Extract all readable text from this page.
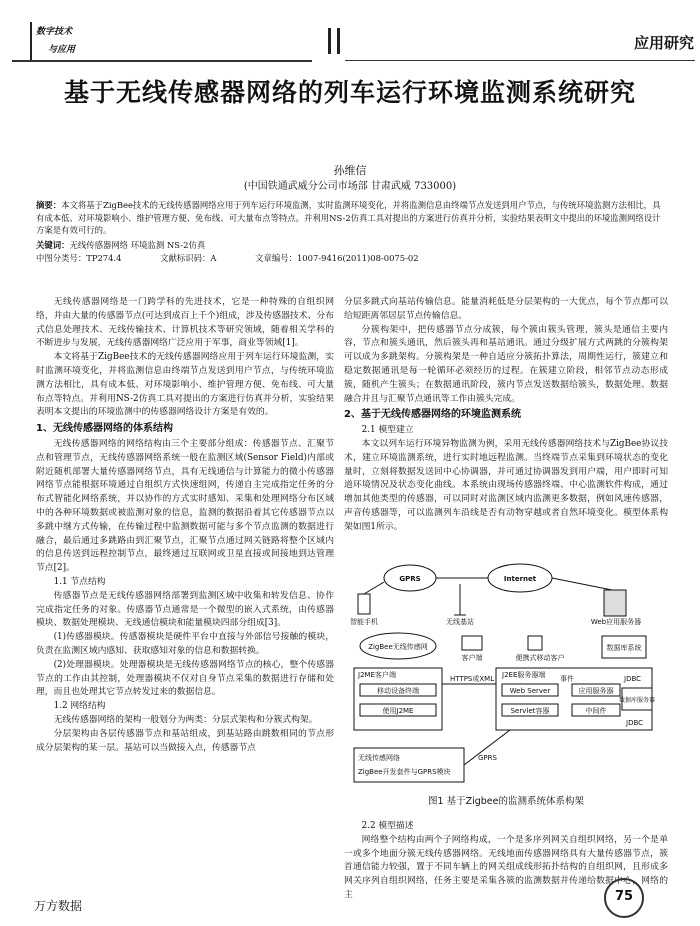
数字技术
与应用	应用研究
基于无线传感器网络的列车运行环境监测系统研究
孙维信
(中国铁通武威分公司市场部 甘肃武威 733000)
摘要：本文将基于ZigBee技术的无线传感器网络应用于列车运行环境监测，实时监测环境变化，并将监测信息由终端节点发送到用户节点，与传统环境监测方法相比，具有成本低、对环境影响小、维护管理方便、免布线、可大量布点等特点。并利用NS-2仿真工具对提出的方案进行仿真并分析，实验结果表明文中提出的环境监测网络设计方案是有效可行的。
关键词：无线传感器网络 环境监测 NS-2仿真
中图分类号：TP274.4	文献标识码：A	文章编号：1007-9416(2011)08-0075-02

无线传感器网络是一门跨学科的先进技术，它是一种特殊的自组织网络，并由大量的传感器节点(可达到成百上千个)组成，涉及传感器技术、分布式信息处理技术、无线传输技术、计算机技术等研究领域，随着相关学科的不断进步与发展，无线传感器网络广泛应用于军事，商业等领域[1]。

本文将基于ZigBee技术的无线传感器网络应用于列车运行环境监测，实时监测环境变化，并将监测信息由终端节点发送到用户节点，与传统环境监测方法相比，具有成本低、对环境影响小、维护管理方便、免布线、可大量布点等特点。并利用NS-2仿真工具对提出的方案进行仿真并分析，实验结果表明本文提出的环境监测中的传感器网络设计方案是有效的。

1、无线传感器网络的体系结构

无线传感器网络的网络结构由三个主要部分组成：传感器节点、汇聚节点和管理节点，无线传感器网络系统一般在监测区域(Sensor Field)内部或附近随机部署大量传感器网络节点，具有无线通信与计算能力的微小传感器网络节点能根据环境通过自组织方式快速组网，传递自主完成指定任务的分布式智能化网络系统，并以协作的方式实时感知、采集和处理网络分布区域中的各种环境数据或被监测对象的信息，监测的数据沿着其它传感器节点以多跳中继方式传输，在传输过程中监测数据可能与多个节点监测的数据进行融合，最后通过多跳路由到汇聚节点，汇聚节点通过网关链路将整个区域内的信息传送到远程控制节点，最终通过互联网或卫星直接或间接地到达管理节点[2]。

1.1 节点结构

传感器节点是无线传感器网络部署到监测区域中收集和转发信息、协作完成指定任务的对象。传感器节点通常是一个微型的嵌入式系统，由传感器模块、数据处理模块、无线通信模块和能量模块四部分组成[3]。

(1)传感器模块。传感器模块是硬件平台中直接与外部信号接触的模块，负责在监测区域内感知、获取感知对象的信息和数据转换。

(2)处理器模块。处理器模块是无线传感器网络节点的核心，整个传感器节点的工作由其控制，处理器模块不仅对自身节点采集的数据进行存储和处理，而且也处理其它节点转发过来的数据信息。

1.2 网络结构

无线传感器网络的架构一般划分为两类：分层式架构和分簇式构架。

分层架构由各层传感器节点和基站组成，到基站路由跳数相同的节点形成分层架构的某一层。基站可以当做接入点，传感器节点

分层多跳式向基站传输信息。能量消耗低是分层架构的一大优点，每个节点都可以给短距离邻居层节点传输信息。

分簇构架中，把传感器节点分成簇，每个簇由簇头管理，簇头是通信主要内容，节点和簇头通讯，然后簇头再和基站通讯。通过分级扩展方式两跳的分簇构架可以成为多跳架构。分簇构架是一种自适应分簇拓扑算法，周期性运行，簇建立和稳定数据通讯是每一轮循环必须经历的过程。在簇建立阶段，相邻节点动态形成簇，随机产生簇头；在数据通讯阶段，簇内节点发送数据给簇头，数据处理、数据融合并且与汇聚节点通讯等工作由簇头完成。

2、基于无线传感器网络的环境监测系统
2.1 模型建立

本文以列车运行环境异物监测为例，采用无线传感器网络技术与ZigBee协议技术，建立环境监测系统，进行实时地远程监测。当终端节点采集到环境状态的变化量时，立刻将数据发送回中心协调器，并可通过协调器发到用户端，用户即时可知道环境情况及状态变化曲线。本系统由现场传感器终端、中心监测软件构成，通过增加其他类型的传感器，可以同时对监测区域内监测更多数据，例如风速传感器，声音传感器等，可以监测列车沿线是否有动物穿越或者自然环境变化。模型体系构架如图1所示。

GPRS	Internet
智能手机	无线基站	Web应用服务器
ZigBee无线传感网
客户端	便携式移动客户
数据库系统
J2ME客户端
移动设备终端
使用J2ME
HTTPS或XML J2EE服务器端
Web Server	应用服务器
Servlet容器	中间件
JDBC
事件
JDBC
数据库服务器
无线传感网络
ZigBee开发套件与GPRS模块
GPRS
图1 基于Zigbee的监测系统体系构架
2.2 模型描述

网络整个结构由两个子网络构成，一个是多序列网关自组织网络，另一个是单一或多个地面分簇无线传感器网络。无线地面传感器网络具有大量传感器节点，簇首通信能力较强，置于不同车辆上的网关组成线形拓扑结构的自组织网，且形成多网关序列自组织网络，任务主要是采集各簇的监测数据并传递给数据中心，网络的主

万方数据
75
